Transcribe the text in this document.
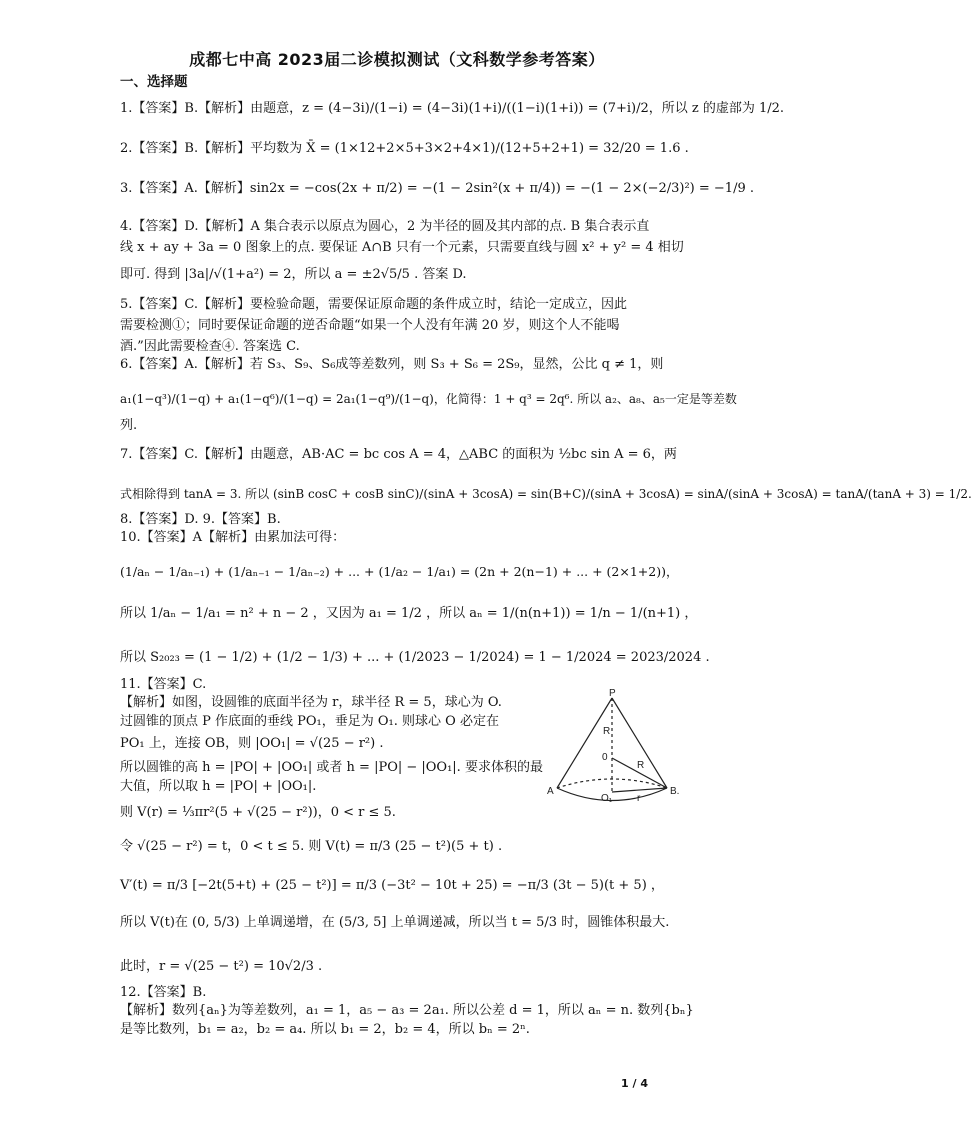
成都七中高 2023届二诊模拟测试（文科数学参考答案）
一、选择题
1.【答案】B.【解析】由题意，z = (4−3i)/(1−i) = (4−3i)(1+i)/((1−i)(1+i)) = (7+i)/2，所以 z 的虚部为 1/2.
2.【答案】B.【解析】平均数为 X̄ = (1×12+2×5+3×2+4×1)/(12+5+2+1) = 32/20 = 1.6 .
3.【答案】A.【解析】sin2x = −cos(2x + π/2) = −(1 − 2sin²(x + π/4)) = −(1 − 2×(−2/3)²) = −1/9 .
4.【答案】D.【解析】A 集合表示以原点为圆心，2 为半径的圆及其内部的点. B 集合表示直
线 x + ay + 3a = 0 图象上的点. 要保证 A∩B 只有一个元素，只需要直线与圆 x² + y² = 4 相切
即可. 得到 |3a|/√(1+a²) = 2，所以 a = ±2√5/5 . 答案 D.
5.【答案】C.【解析】要检验命题，需要保证原命题的条件成立时，结论一定成立，因此
需要检测①；同时要保证命题的逆否命题“如果一个人没有年满 20 岁，则这个人不能喝
酒.”因此需要检查④. 答案选 C.
6.【答案】A.【解析】若 S₃、S₉、S₆成等差数列，则 S₃ + S₆ = 2S₉，显然，公比 q ≠ 1，则
a₁(1−q³)/(1−q) + a₁(1−q⁶)/(1−q) = 2a₁(1−q⁹)/(1−q)，化简得：1 + q³ = 2q⁶. 所以 a₂、a₈、a₅一定是等差数
列.
7.【答案】C.【解析】由题意，AB·AC = bc cos A = 4，△ABC 的面积为 ½bc sin A = 6，两
式相除得到 tanA = 3. 所以 (sinB cosC + cosB sinC)/(sinA + 3cosA) = sin(B+C)/(sinA + 3cosA) = sinA/(sinA + 3cosA) = tanA/(tanA + 3) = 1/2.
8.【答案】D. 9.【答案】B.
10.【答案】A【解析】由累加法可得：
(1/aₙ − 1/aₙ₋₁) + (1/aₙ₋₁ − 1/aₙ₋₂) + ... + (1/a₂ − 1/a₁) = (2n + 2(n−1) + ... + (2×1+2))，
所以 1/aₙ − 1/a₁ = n² + n − 2 ，又因为 a₁ = 1/2 ，所以 aₙ = 1/(n(n+1)) = 1/n − 1/(n+1) ，
所以 S₂₀₂₃ = (1 − 1/2) + (1/2 − 1/3) + ... + (1/2023 − 1/2024) = 1 − 1/2024 = 2023/2024 .
11.【答案】C.
【解析】如图，设圆锥的底面半径为 r，球半径 R = 5，球心为 O.
过圆锥的顶点 P 作底面的垂线 PO₁，垂足为 O₁. 则球心 O 必定在
PO₁ 上，连接 OB，则 |OO₁| = √(25 − r²) .
所以圆锥的高 h = |PO| + |OO₁| 或者 h = |PO| − |OO₁|. 要求体积的最
大值，所以取 h = |PO| + |OO₁|.
则 V(r) = ⅓πr²(5 + √(25 − r²))，0 < r ≤ 5.
令 √(25 − r²) = t，0 < t ≤ 5. 则 V(t) = π/3 (25 − t²)(5 + t) .
V′(t) = π/3 [−2t(5+t) + (25 − t²)] = π/3 (−3t² − 10t + 25) = −π/3 (3t − 5)(t + 5) ，
所以 V(t)在 (0, 5/3) 上单调递增，在 (5/3, 5] 上单调递减，所以当 t = 5/3 时，圆锥体积最大.
此时，r = √(25 − t²) = 10√2/3 .
12.【答案】B.
【解析】数列{aₙ}为等差数列，a₁ = 1，a₅ − a₃ = 2a₁. 所以公差 d = 1，所以 aₙ = n. 数列{bₙ}
是等比数列，b₁ = a₂，b₂ = a₄. 所以 b₁ = 2，b₂ = 4，所以 bₙ = 2ⁿ.
P
R
0
R
O₁ r
A	B.
1 / 4
